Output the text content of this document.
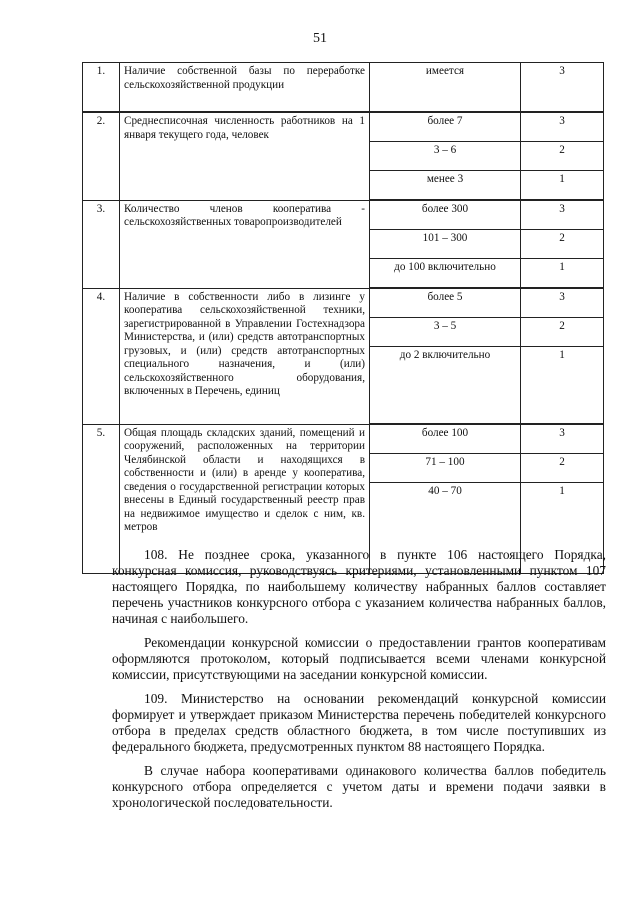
51
1.	Наличие собственной базы по переработке сельскохозяйственной продукции	имеется	3
2.	Среднесписочная численность работников на 1 января текущего года, человек	более 7	3
		3 – 6	2
		менее 3	1
3.	Количество членов кооператива - сельскохозяйственных товаропроизводителей	более 300	3
		101 – 300	2
		до 100 включительно	1
4.	Наличие в собственности либо в лизинге у кооператива сельскохозяйственной техники, зарегистрированной в Управлении Гостехнадзора Министерства, и (или) средств автотранспортных грузовых, и (или) средств автотранспортных специального назначения, и (или) сельскохозяйственного оборудования, включенных в Перечень, единиц	более 5	3
		3 – 5	2
		до 2 включительно	1
5.	Общая площадь складских зданий, помещений и сооружений, расположенных на территории Челябинской области и находящихся в собственности и (или) в аренде у кооператива, сведения о государственной регистрации которых внесены в Единый государственный реестр прав на недвижимое имущество и сделок с ним, кв. метров	более 100	3
		71 – 100	2
		40 – 70	1

108. Не позднее срока, указанного в пункте 106 настоящего Порядка, конкурсная комиссия, руководствуясь критериями, установленными пунктом 107 настоящего Порядка, по наибольшему количеству набранных баллов составляет перечень участников конкурсного отбора с указанием количества набранных баллов, начиная с наибольшего.

Рекомендации конкурсной комиссии о предоставлении грантов кооперативам оформляются протоколом, который подписывается всеми членами конкурсной комиссии, присутствующими на заседании конкурсной комиссии.

109. Министерство на основании рекомендаций конкурсной комиссии формирует и утверждает приказом Министерства перечень победителей конкурсного отбора в пределах средств областного бюджета, в том числе поступивших из федерального бюджета, предусмотренных пунктом 88 настоящего Порядка.

В случае набора кооперативами одинакового количества баллов победитель конкурсного отбора определяется с учетом даты и времени подачи заявки в хронологической последовательности.
